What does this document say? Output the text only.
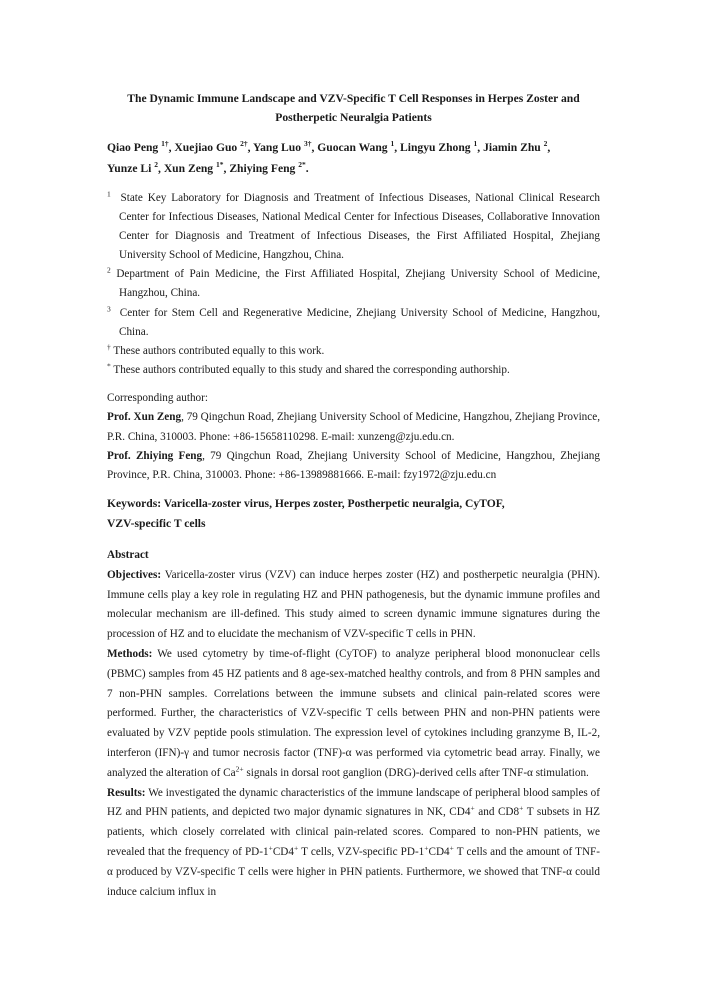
The Dynamic Immune Landscape and VZV-Specific T Cell Responses in Herpes Zoster and
Postherpetic Neuralgia Patients
Qiao Peng $^{1\dagger}$, Xuejiao Guo $^{2\dagger}$, Yang Luo $^{3\dagger}$, Guocan Wang $^1$, Lingyu Zhong $^1$, Jiamin Zhu $^2$,
Yunze Li $^2$, Xun Zeng $^{1*}$, Zhiying Feng $^{2*}$.

$^1$ State Key Laboratory for Diagnosis and Treatment of Infectious Diseases, National Clinical Research Center for Infectious Diseases, National Medical Center for Infectious Diseases, Collaborative Innovation Center for Diagnosis and Treatment of Infectious Diseases, the First Affiliated Hospital, Zhejiang University School of Medicine, Hangzhou, China.

$^2$ Department of Pain Medicine, the First Affiliated Hospital, Zhejiang University School of Medicine, Hangzhou, China.

$^3$ Center for Stem Cell and Regenerative Medicine, Zhejiang University School of Medicine, Hangzhou, China.

† These authors contributed equally to this work.

* These authors contributed equally to this study and shared the corresponding authorship.

Corresponding author:

Prof. Xun Zeng, 79 Qingchun Road, Zhejiang University School of Medicine, Hangzhou, Zhejiang Province, P.R. China, 310003. Phone: +86-15658110298. E-mail: xunzeng@zju.edu.cn.

Prof. Zhiying Feng, 79 Qingchun Road, Zhejiang University School of Medicine, Hangzhou, Zhejiang Province, P.R. China, 310003. Phone: +86-13989881666. E-mail: fzy1972@zju.edu.cn

Keywords: Varicella-zoster virus, Herpes zoster, Postherpetic neuralgia, CyTOF,
VZV-specific T cells

Abstract

Objectives: Varicella-zoster virus (VZV) can induce herpes zoster (HZ) and postherpetic neuralgia (PHN). Immune cells play a key role in regulating HZ and PHN pathogenesis, but the dynamic immune profiles and molecular mechanism are ill-defined. This study aimed to screen dynamic immune signatures during the procession of HZ and to elucidate the mechanism of VZV-specific T cells in PHN.

Methods: We used cytometry by time-of-flight (CyTOF) to analyze peripheral blood mononuclear cells (PBMC) samples from 45 HZ patients and 8 age-sex-matched healthy controls, and from 8 PHN samples and 7 non-PHN samples. Correlations between the immune subsets and clinical pain-related scores were performed. Further, the characteristics of VZV-specific T cells between PHN and non-PHN patients were evaluated by VZV peptide pools stimulation. The expression level of cytokines including granzyme B, IL-2, interferon (IFN)-γ and tumor necrosis factor (TNF)-α was performed via cytometric bead array. Finally, we analyzed the alteration of $Ca^{2+}$ signals in dorsal root ganglion (DRG)-derived cells after TNF-α stimulation.

Results: We investigated the dynamic characteristics of the immune landscape of peripheral blood samples of HZ and PHN patients, and depicted two major dynamic signatures in NK, CD4+ and CD8+ T subsets in HZ patients, which closely correlated with clinical pain-related scores. Compared to non-PHN patients, we revealed that the frequency of PD-1+CD4+ T cells, VZV-specific PD-1+CD4+ T cells and the amount of TNF-α produced by VZV-specific T cells were higher in PHN patients. Furthermore, we showed that TNF-α could induce calcium influx in
